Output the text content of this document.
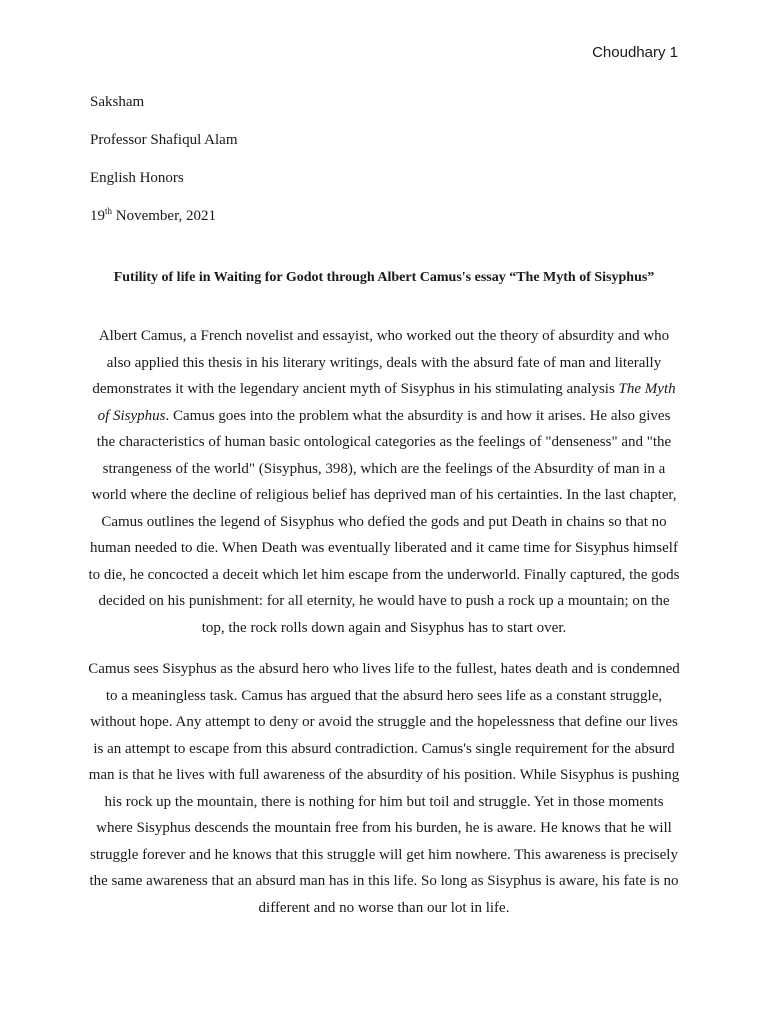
Choudhary 1
Saksham
Professor Shafiqul Alam
English Honors
19th November, 2021
Futility of life in Waiting for Godot through Albert Camus's essay “The Myth of Sisyphus”

Albert Camus, a French novelist and essayist, who worked out the theory of absurdity and who also applied this thesis in his literary writings, deals with the absurd fate of man and literally demonstrates it with the legendary ancient myth of Sisyphus in his stimulating analysis The Myth of Sisyphus. Camus goes into the problem what the absurdity is and how it arises. He also gives the characteristics of human basic ontological categories as the feelings of "denseness" and "the strangeness of the world" (Sisyphus, 398), which are the feelings of the Absurdity of man in a world where the decline of religious belief has deprived man of his certainties. In the last chapter, Camus outlines the legend of Sisyphus who defied the gods and put Death in chains so that no human needed to die. When Death was eventually liberated and it came time for Sisyphus himself to die, he concocted a deceit which let him escape from the underworld. Finally captured, the gods decided on his punishment: for all eternity, he would have to push a rock up a mountain; on the top, the rock rolls down again and Sisyphus has to start over.

Camus sees Sisyphus as the absurd hero who lives life to the fullest, hates death and is condemned to a meaningless task. Camus has argued that the absurd hero sees life as a constant struggle, without hope. Any attempt to deny or avoid the struggle and the hopelessness that define our lives is an attempt to escape from this absurd contradiction. Camus's single requirement for the absurd man is that he lives with full awareness of the absurdity of his position. While Sisyphus is pushing his rock up the mountain, there is nothing for him but toil and struggle. Yet in those moments where Sisyphus descends the mountain free from his burden, he is aware. He knows that he will struggle forever and he knows that this struggle will get him nowhere. This awareness is precisely the same awareness that an absurd man has in this life. So long as Sisyphus is aware, his fate is no different and no worse than our lot in life.
